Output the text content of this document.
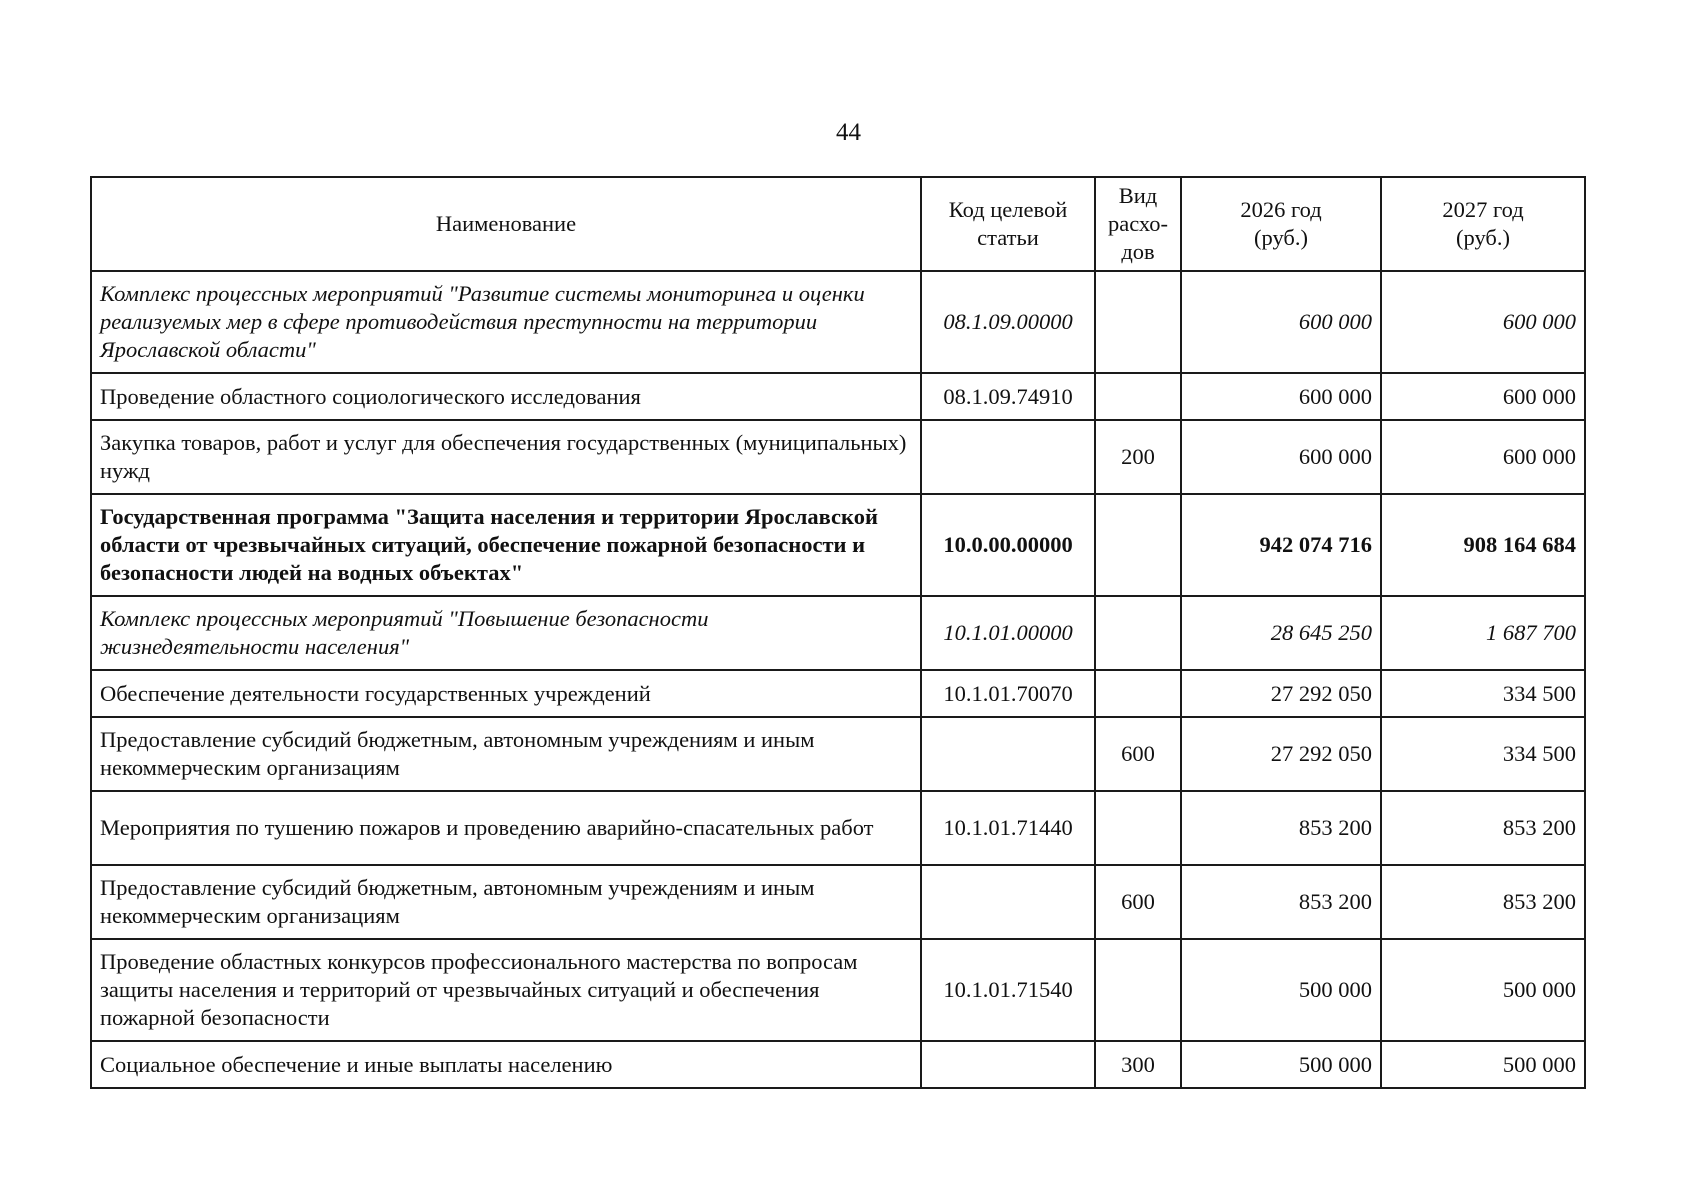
44
Наименование	Код целевой статьи	Вид расхо-дов	2026 год (руб.)	2027 год (руб.)

Комплекс процессных мероприятий "Развитие системы мониторинга и оценки реализуемых мер в сфере противодействия преступности на территории Ярославской области"	08.1.09.00000		600 000	600 000
Проведение областного социологического исследования	08.1.09.74910		600 000	600 000
Закупка товаров, работ и услуг для обеспечения государственных (муниципальных) нужд		200	600 000	600 000
Государственная программа "Защита населения и территории Ярославской области от чрезвычайных ситуаций, обеспечение пожарной безопасности и безопасности людей на водных объектах"	10.0.00.00000		942 074 716	908 164 684
Комплекс процессных мероприятий "Повышение безопасности жизнедеятельности населения"	10.1.01.00000		28 645 250	1 687 700
Обеспечение деятельности государственных учреждений	10.1.01.70070		27 292 050	334 500
Предоставление субсидий бюджетным, автономным учреждениям и иным некоммерческим организациям		600	27 292 050	334 500
Мероприятия по тушению пожаров и проведению аварийно-спасательных работ	10.1.01.71440		853 200	853 200
Предоставление субсидий бюджетным, автономным учреждениям и иным некоммерческим организациям		600	853 200	853 200
Проведение областных конкурсов профессионального мастерства по вопросам защиты населения и территорий от чрезвычайных ситуаций и обеспечения пожарной безопасности	10.1.01.71540		500 000	500 000
Социальное обеспечение и иные выплаты населению		300	500 000	500 000
